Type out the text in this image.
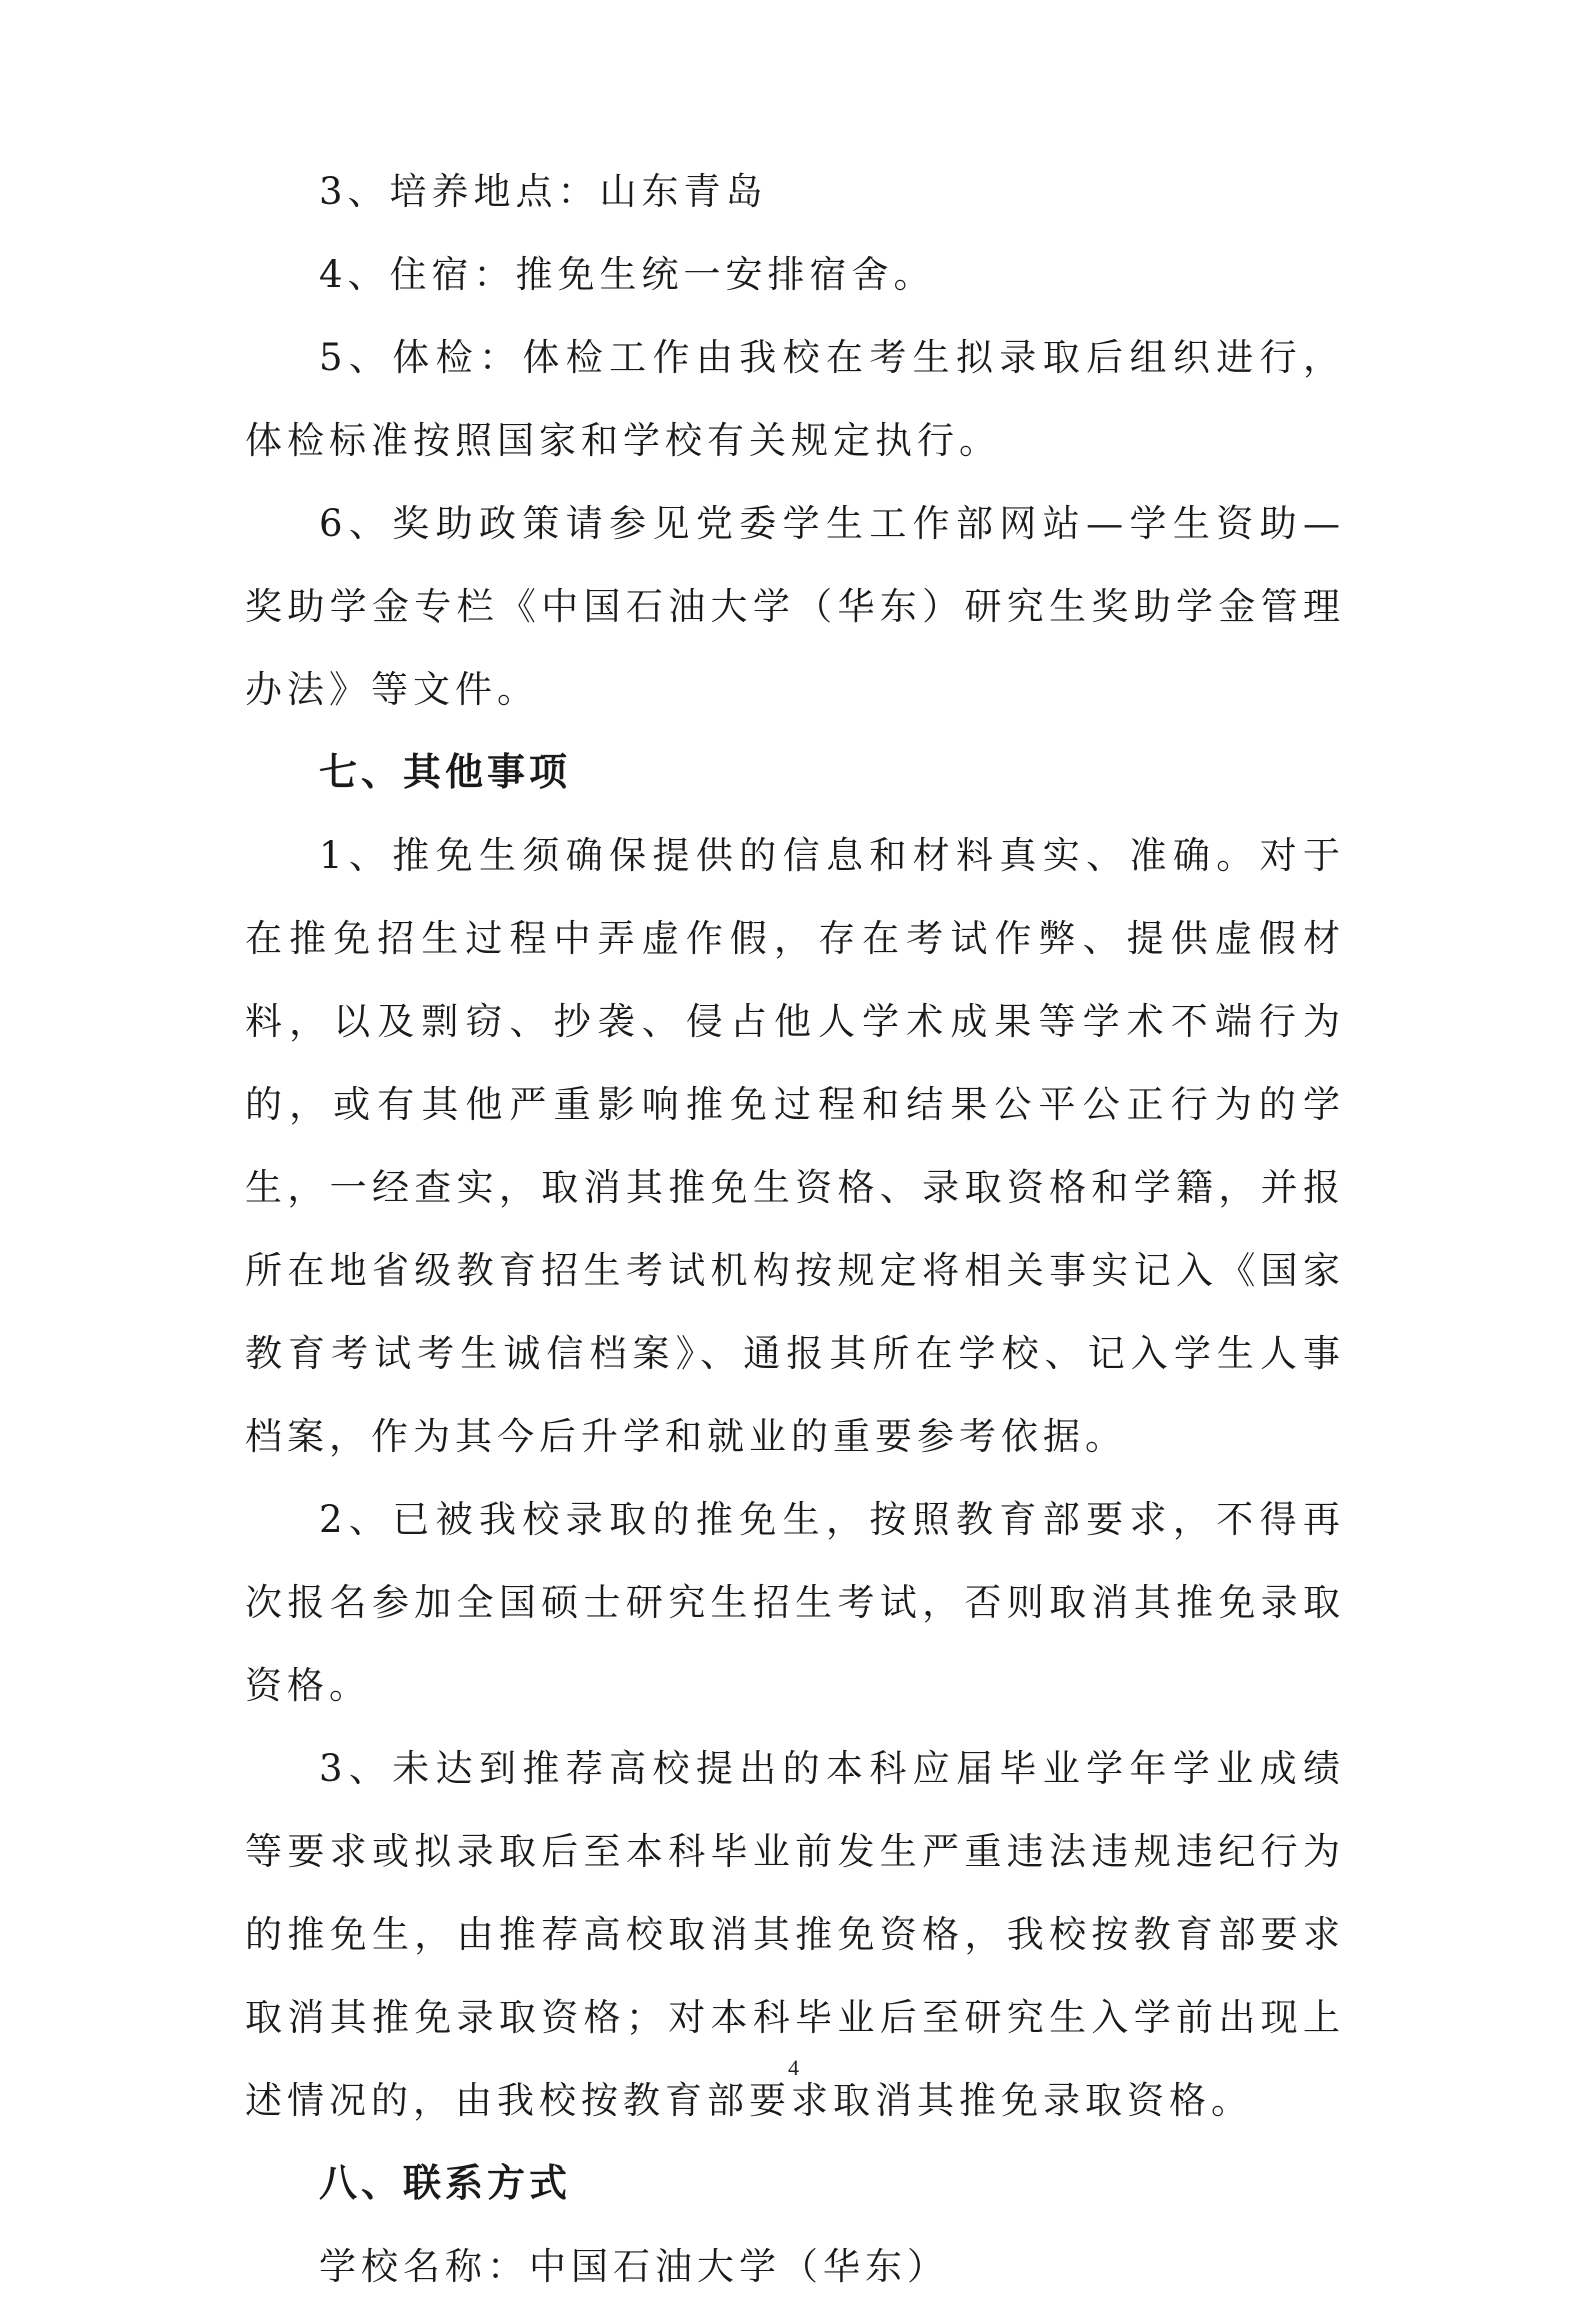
3、培养地点：山东青岛

4、住宿：推免生统一安排宿舍。

5、体检：体检工作由我校在考生拟录取后组织进行，体检标准按照国家和学校有关规定执行。

6、奖助政策请参见党委学生工作部网站—学生资助—奖助学金专栏《中国石油大学（华东）研究生奖助学金管理办法》等文件。

七、其他事项

1、推免生须确保提供的信息和材料真实、准确。对于在推免招生过程中弄虚作假，存在考试作弊、提供虚假材料，以及剽窃、抄袭、侵占他人学术成果等学术不端行为的，或有其他严重影响推免过程和结果公平公正行为的学生，一经查实，取消其推免生资格、录取资格和学籍，并报所在地省级教育招生考试机构按规定将相关事实记入《国家教育考试考生诚信档案》、通报其所在学校、记入学生人事档案，作为其今后升学和就业的重要参考依据。

2、已被我校录取的推免生，按照教育部要求，不得再次报名参加全国硕士研究生招生考试，否则取消其推免录取资格。

3、未达到推荐高校提出的本科应届毕业学年学业成绩等要求或拟录取后至本科毕业前发生严重违法违规违纪行为的推免生，由推荐高校取消其推免资格，我校按教育部要求取消其推免录取资格；对本科毕业后至研究生入学前出现上述情况的，由我校按教育部要求取消其推免录取资格。

八、联系方式

学校名称：中国石油大学（华东）

4
